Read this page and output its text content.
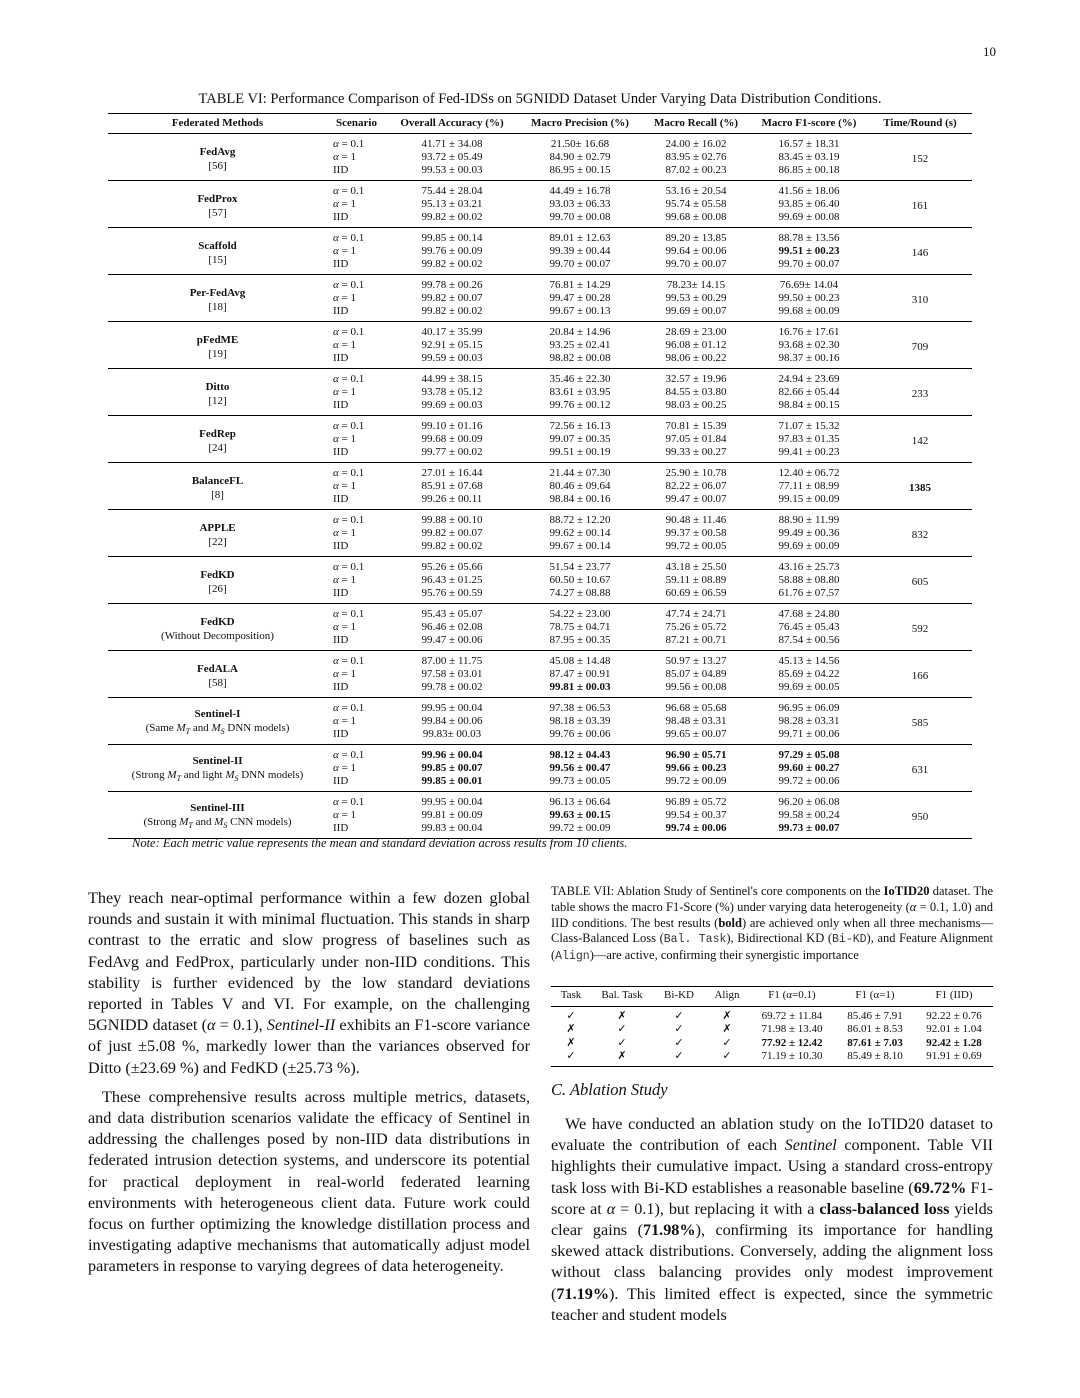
10
TABLE VI: Performance Comparison of Fed-IDSs on 5GNIDD Dataset Under Varying Data Distribution Conditions.
Federated Methods	Scenario	Overall Accuracy (%)	Macro Precision (%)	Macro Recall (%)	Macro F1-score (%)	Time/Round (s)

FedAvg
[56]	α = 0.1	41.71 ± 34.08	21.50± 16.68	24.00 ± 16.02	16.57 ± 18.31	152
	α = 1	93.72 ± 05.49	84.90 ± 02.79	83.95 ± 02.76	83.45 ± 03.19	
	IID	99.53 ± 00.03	86.95 ± 00.15	87.02 ± 00.23	86.85 ± 00.18	

FedProx
[57]	α = 0.1	75.44 ± 28.04	44.49 ± 16.78	53.16 ± 20.54	41.56 ± 18.06	161
	α = 1	95.13 ± 03.21	93.03 ± 06.33	95.74 ± 05.58	93.85 ± 06.40	
	IID	99.82 ± 00.02	99.70 ± 00.08	99.68 ± 00.08	99.69 ± 00.08	

Scaffold
[15]	α = 0.1	99.85 ± 00.14	89.01 ± 12.63	89.20 ± 13.85	88.78 ± 13.56	146
	α = 1	99.76 ± 00.09	99.39 ± 00.44	99.64 ± 00.06	99.51 ± 00.23	
	IID	99.82 ± 00.02	99.70 ± 00.07	99.70 ± 00.07	99.70 ± 00.07	

Per-FedAvg
[18]	α = 0.1	99.78 ± 00.26	76.81 ± 14.29	78.23± 14.15	76.69± 14.04	310
	α = 1	99.82 ± 00.07	99.47 ± 00.28	99.53 ± 00.29	99.50 ± 00.23	
	IID	99.82 ± 00.02	99.67 ± 00.13	99.69 ± 00.07	99.68 ± 00.09	

pFedME
[19]	α = 0.1	40.17 ± 35.99	20.84 ± 14.96	28.69 ± 23.00	16.76 ± 17.61	709
	α = 1	92.91 ± 05.15	93.25 ± 02.41	96.08 ± 01.12	93.68 ± 02.30	
	IID	99.59 ± 00.03	98.82 ± 00.08	98.06 ± 00.22	98.37 ± 00.16	

Ditto
[12]	α = 0.1	44.99 ± 38.15	35.46 ± 22.30	32.57 ± 19.96	24.94 ± 23.69	233
	α = 1	93.78 ± 05.12	83.61 ± 03.95	84.55 ± 03.80	82.66 ± 05.44	
	IID	99.69 ± 00.03	99.76 ± 00.12	98.03 ± 00.25	98.84 ± 00.15	

FedRep
[24]	α = 0.1	99.10 ± 01.16	72.56 ± 16.13	70.81 ± 15.39	71.07 ± 15.32	142
	α = 1	99.68 ± 00.09	99.07 ± 00.35	97.05 ± 01.84	97.83 ± 01.35	
	IID	99.77 ± 00.02	99.51 ± 00.19	99.33 ± 00.27	99.41 ± 00.23	

BalanceFL
[8]	α = 0.1	27.01 ± 16.44	21.44 ± 07.30	25.90 ± 10.78	12.40 ± 06.72	1385
	α = 1	85.91 ± 07.68	80.46 ± 09.64	82.22 ± 06.07	77.11 ± 08.99	
	IID	99.26 ± 00.11	98.84 ± 00.16	99.47 ± 00.07	99.15 ± 00.09	

APPLE
[22]	α = 0.1	99.88 ± 00.10	88.72 ± 12.20	90.48 ± 11.46	88.90 ± 11.99	832
	α = 1	99.82 ± 00.07	99.62 ± 00.14	99.37 ± 00.58	99.49 ± 00.36	
	IID	99.82 ± 00.02	99.67 ± 00.14	99.72 ± 00.05	99.69 ± 00.09	

FedKD
[26]	α = 0.1	95.26 ± 05.66	51.54 ± 23.77	43.18 ± 25.50	43.16 ± 25.73	605
	α = 1	96.43 ± 01.25	60.50 ± 10.67	59.11 ± 08.89	58.88 ± 08.80	
	IID	95.76 ± 00.59	74.27 ± 08.88	60.69 ± 06.59	61.76 ± 07.57	

FedKD
(Without Decomposition)	α = 0.1	95.43 ± 05.07	54.22 ± 23.00	47.74 ± 24.71	47.68 ± 24.80	592
	α = 1	96.46 ± 02.08	78.75 ± 04.71	75.26 ± 05.72	76.45 ± 05.43	
	IID	99.47 ± 00.06	87.95 ± 00.35	87.21 ± 00.71	87.54 ± 00.56	

FedALA
[58]	α = 0.1	87.00 ± 11.75	45.08 ± 14.48	50.97 ± 13.27	45.13 ± 14.56	166
	α = 1	97.58 ± 03.01	87.47 ± 00.91	85.07 ± 04.89	85.69 ± 04.22	
	IID	99.78 ± 00.02	99.81 ± 00.03	99.56 ± 00.08	99.69 ± 00.05	

Sentinel-I
(Same $M_T$ and $M_S$ DNN models)	α = 0.1	99.95 ± 00.04	97.38 ± 06.53	96.68 ± 05.68	96.95 ± 06.09	585
	α = 1	99.84 ± 00.06	98.18 ± 03.39	98.48 ± 03.31	98.28 ± 03.31	
	IID	99.83± 00.03	99.76 ± 00.06	99.65 ± 00.07	99.71 ± 00.06	

Sentinel-II
(Strong $M_T$ and light $M_S$ DNN models)	α = 0.1	99.96 ± 00.04	98.12 ± 04.43	96.90 ± 05.71	97.29 ± 05.08	631
	α = 1	99.85 ± 00.07	99.56 ± 00.47	99.66 ± 00.23	99.60 ± 00.27	
	IID	99.85 ± 00.01	99.73 ± 00.05	99.72 ± 00.09	99.72 ± 00.06	

Sentinel-III
(Strong $M_T$ and $M_S$ CNN models)	α = 0.1	99.95 ± 00.04	96.13 ± 06.64	96.89 ± 05.72	96.20 ± 06.08	950
	α = 1	99.81 ± 00.09	99.63 ± 00.15	99.54 ± 00.37	99.58 ± 00.24	
	IID	99.83 ± 00.04	99.72 ± 00.09	99.74 ± 00.06	99.73 ± 00.07	
Note: Each metric value represents the mean and standard deviation across results from 10 clients.

They reach near-optimal performance within a few dozen global rounds and sustain it with minimal fluctuation. This stands in sharp contrast to the erratic and slow progress of baselines such as FedAvg and FedProx, particularly under non-IID conditions. This stability is further evidenced by the low standard deviations reported in Tables V and VI. For example, on the challenging 5GNIDD dataset (α = 0.1), Sentinel-II exhibits an F1-score variance of just ±5.08 %, markedly lower than the variances observed for Ditto (±23.69 %) and FedKD (±25.73 %).

These comprehensive results across multiple metrics, datasets, and data distribution scenarios validate the efficacy of Sentinel in addressing the challenges posed by non-IID data distributions in federated intrusion detection systems, and underscore its potential for practical deployment in real-world federated learning environments with heterogeneous client data. Future work could focus on further optimizing the knowledge distillation process and investigating adaptive mechanisms that automatically adjust model parameters in response to varying degrees of data heterogeneity.

TABLE VII: Ablation Study of Sentinel's core components on the IoTID20 dataset. The table shows the macro F1-Score (%) under varying data heterogeneity (α = 0.1, 1.0) and IID conditions. The best results (bold) are achieved only when all three mechanisms—Class-Balanced Loss (Bal. Task), Bidirectional KD (Bi-KD), and Feature Alignment (Align)—are active, confirming their synergistic importance
Task	Bal. Task	Bi-KD	Align	F1 (α=0.1)	F1 (α=1)	F1 (IID)
✓	✗	✓	✗	69.72 ± 11.84	85.46 ± 7.91	92.22 ± 0.76
✗	✓	✓	✗	71.98 ± 13.40	86.01 ± 8.53	92.01 ± 1.04
✗	✓	✓	✓	77.92 ± 12.42	87.61 ± 7.03	92.42 ± 1.28
✓	✗	✓	✓	71.19 ± 10.30	85.49 ± 8.10	91.91 ± 0.69
C. Ablation Study
We have conducted an ablation study on the IoTID20 dataset to evaluate the contribution of each Sentinel component. Table VII highlights their cumulative impact. Using a standard cross-entropy task loss with Bi-KD establishes a reasonable baseline (69.72% F1-score at α = 0.1), but replacing it with a class-balanced loss yields clear gains (71.98%), confirming its importance for handling skewed attack distributions. Conversely, adding the alignment loss without class balancing provides only modest improvement (71.19%). This limited effect is expected, since the symmetric teacher and student models
